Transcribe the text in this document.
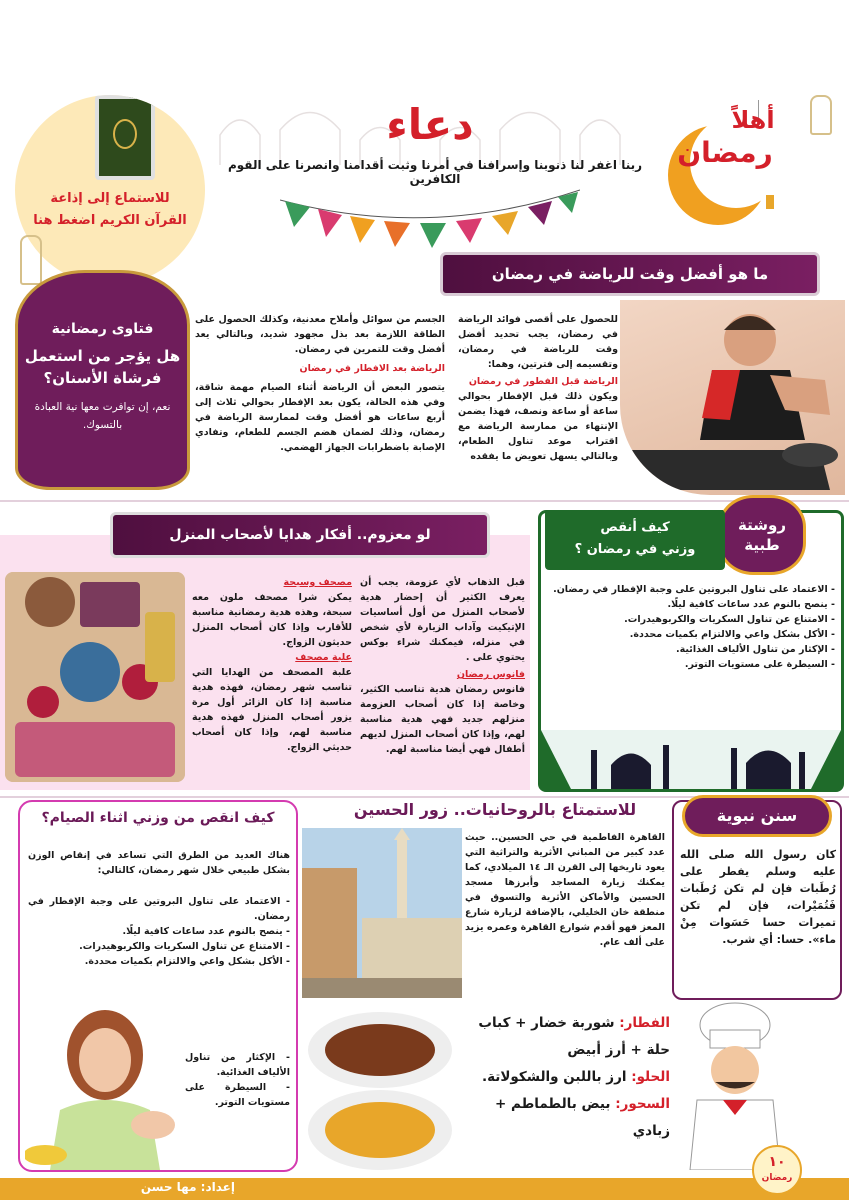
أهلاً
رمضان
دعاء
ربنا اغفر لنا ذنوبنا وإسرافنا في أمرنا وثبت أقدامنا وانصرنا على القوم الكافرين
للاستماع إلى إذاعة
القرآن الكريم اضغط هنا
فتاوى رمضانية
هل يؤجر من استعمل فرشاة الأسنان؟
نعم، إن توافرت معها نية العبادة بالتسوك.
ما هو أفضل وقت للرياضة في رمضان
للحصول على أقصى فوائد الرياضة في رمضان، يجب تحديد أفضل وقت للرياضة في رمضان، وتقسيمه إلى فترتين، وهما:
الرياضة قبل الفطور في رمضان
ويكون ذلك قبل الإفطار بحوالي ساعة أو ساعة ونصف، فهذا يضمن الإنتهاء من ممارسة الرياضة مع اقتراب موعد تناول الطعام، وبالتالي يسهل تعويض ما يفقده
الجسم من سوائل وأملاح معدنية، وكذلك الحصول على الطاقة اللازمة بعد بذل مجهود شديد، وبالتالي يعد أفضل وقت للتمرين في رمضان.
الرياضة بعد الافطار في رمضان
يتصور البعض أن الرياضة أثناء الصيام مهمة شاقة، وفي هذه الحالة، يكون بعد الإفطار بحوالي ثلاث إلى أربع ساعات هو أفضل وقت لممارسة الرياضة في رمضان، وذلك لضمان هضم الجسم للطعام، وتفادي الإصابة باضطرابات الجهاز الهضمي.
لو معزوم.. أفكار هدايا لأصحاب المنزل
قبل الذهاب لأي عزومة، يجب أن يعرف الكثير أن إحضار هدية لأصحاب المنزل من أول أساسيات الإتيكيت وآداب الزيارة لأي شخص في منزله، فيمكنك شراء بوكس يحتوي على .
فانوس رمضان
فانوس رمضان هدية تناسب الكثير، وخاصة إذا كان أصحاب العزومة منزلهم جديد فهي هدية مناسبة لهم، وإذا كان أصحاب المنزل لديهم أطفال فهي أيضا مناسبة لهم.
مصحف وسبحة
يمكن شرا مصحف ملون معه سبحة، وهذه هدية رمضانية مناسبة للأقارب وإذا كان أصحاب المنزل حديثون الزواج.
علبة مصحف
علبة المصحف من الهدايا التي تناسب شهر رمضان، فهذه هدية مناسبة إذا كان الزائر أول مرة يزور أصحاب المنزل فهذه هدية مناسبة لهم، وإذا كان أصحاب حديثي الزواج.
روشتة
طبية
كيف أنقص
وزني في رمضان ؟
- الاعتماد على تناول البروتين على وجبة الإفطار في رمضان.
- ينصح بالنوم عدد ساعات كافية ليلًا.
- الامتناع عن تناول السكريات والكربوهيدرات.
- الأكل بشكل واعي والالتزام بكميات محددة.
- الإكثار من تناول الألياف الغذائية.
- السيطرة على مستويات التوتر.
كيف انقص من وزني اثناء الصيام؟
هناك العديد من الطرق التي تساعد في إنقاص الوزن بشكل طبيعي خلال شهر رمضان، كالتالي:
- الاعتماد على تناول البروتين على وجبة الإفطار في رمضان.
- ينصح بالنوم عدد ساعات كافية ليلًا.
- الامتناع عن تناول السكريات والكربوهيدرات.
- الأكل بشكل واعي والالتزام بكميات محددة.
- الإكثار من تناول الألياف الغذائية.
- السيطرة على مستويات التوتر.
للاستمتاع بالروحانيات.. زور الحسين
القاهرة الفاطمية في حي الحسين.. حيث عدد كبير من المباني الأثرية والتراثية التي يعود تاريخها إلى القرن الـ ١٤ الميلادي، كما يمكنك زيارة المساجد وأبرزها مسجد الحسين والأماكن الأثرية والتسوق في منطقة خان الخليلي، بالإضافة لزيارة شارع المعز فهو أقدم شوارع القاهرة وعمره يزيد على ألف عام.
سنن نبوية
كان رسول الله صلى الله عليه وسلم يفطر على رُطَبات فإن لم تكن رُطَبات فَتُمَيْرات، فإن لم تكن تميرات حسا حَسَوات مِنْ ماء». حسا: أي شرب.
الفطار: شوربة خضار + كباب حلة + أرز أبيض
الحلو: ارز باللبن والشكولاتة.
السحور: بيض بالطماطم + زبادي
إعداد: مها حسن
١٠
رمضان
